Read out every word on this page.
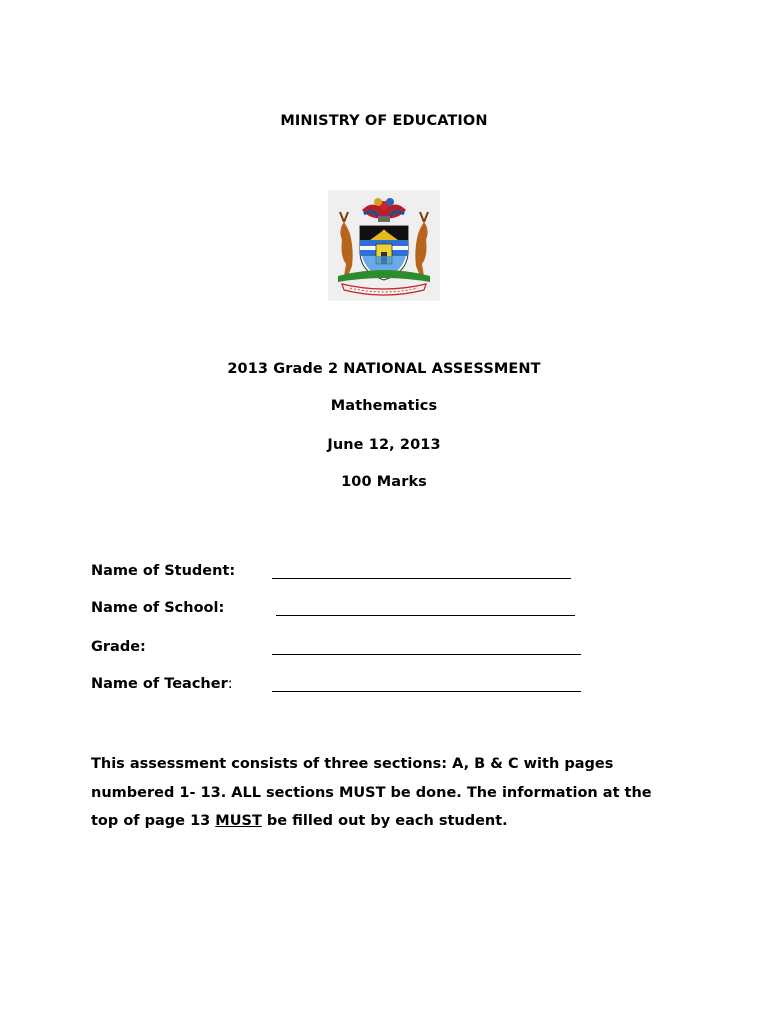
MINISTRY OF EDUCATION
2013 Grade 2 NATIONAL ASSESSMENT
Mathematics
June 12, 2013
100 Marks
Name of Student:
Name of School:
Grade:
Name of Teacher:
This assessment consists of three sections: A, B & C with pages
numbered 1- 13. ALL sections MUST be done. The information at the
top of page 13 MUST be filled out by each student.
